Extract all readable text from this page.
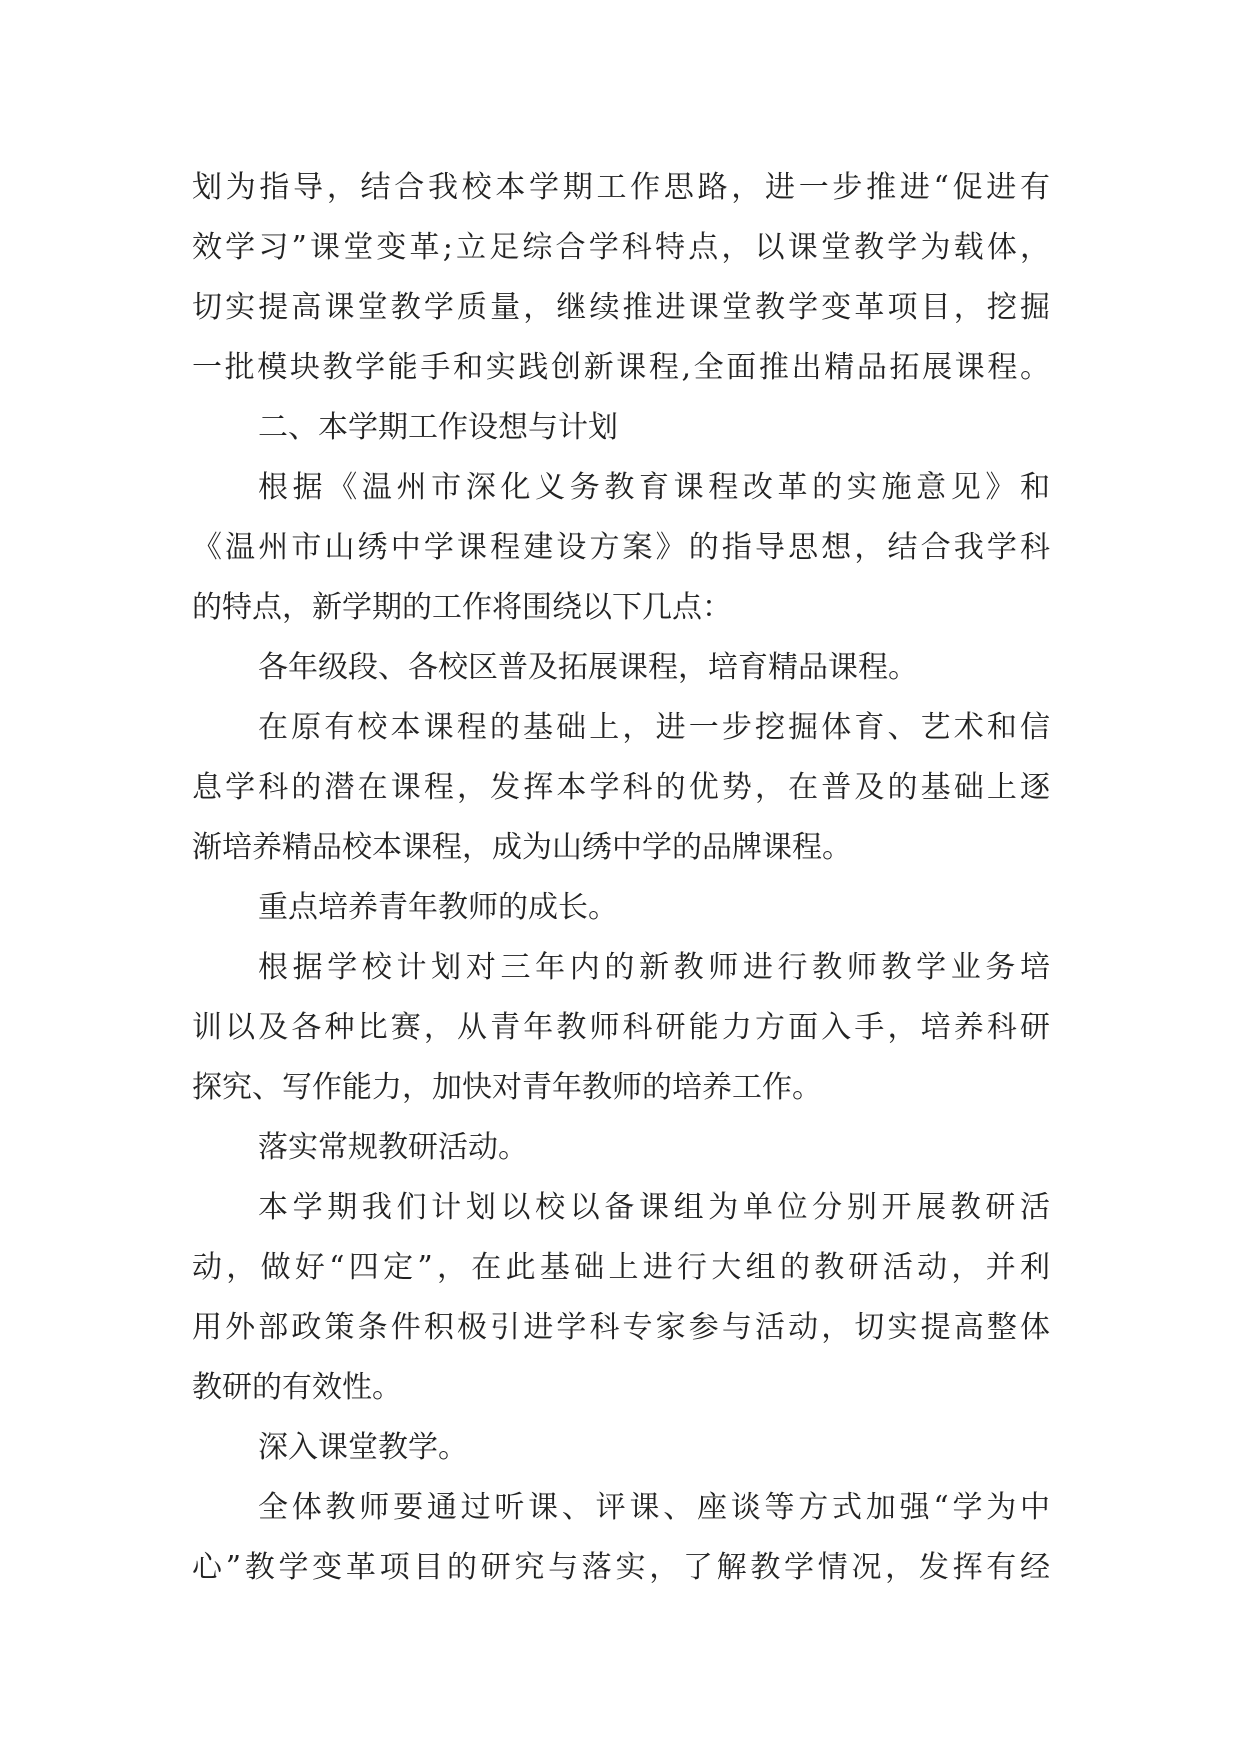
划为指导，结合我校本学期工作思路，进一步推进“促进有
效学习”课堂变革;立足综合学科特点，以课堂教学为载体，
切实提高课堂教学质量，继续推进课堂教学变革项目，挖掘
一批模块教学能手和实践创新课程,全面推出精品拓展课程。
二、本学期工作设想与计划
根据《温州市深化义务教育课程改革的实施意见》和
《温州市山绣中学课程建设方案》的指导思想，结合我学科
的特点，新学期的工作将围绕以下几点：
各年级段、各校区普及拓展课程，培育精品课程。
在原有校本课程的基础上，进一步挖掘体育、艺术和信
息学科的潜在课程，发挥本学科的优势，在普及的基础上逐
渐培养精品校本课程，成为山绣中学的品牌课程。
重点培养青年教师的成长。
根据学校计划对三年内的新教师进行教师教学业务培
训以及各种比赛，从青年教师科研能力方面入手，培养科研
探究、写作能力，加快对青年教师的培养工作。
落实常规教研活动。
本学期我们计划以校以备课组为单位分别开展教研活
动，做好“四定”，在此基础上进行大组的教研活动，并利
用外部政策条件积极引进学科专家参与活动，切实提高整体
教研的有效性。
深入课堂教学。
全体教师要通过听课、评课、座谈等方式加强“学为中
心”教学变革项目的研究与落实，了解教学情况，发挥有经
